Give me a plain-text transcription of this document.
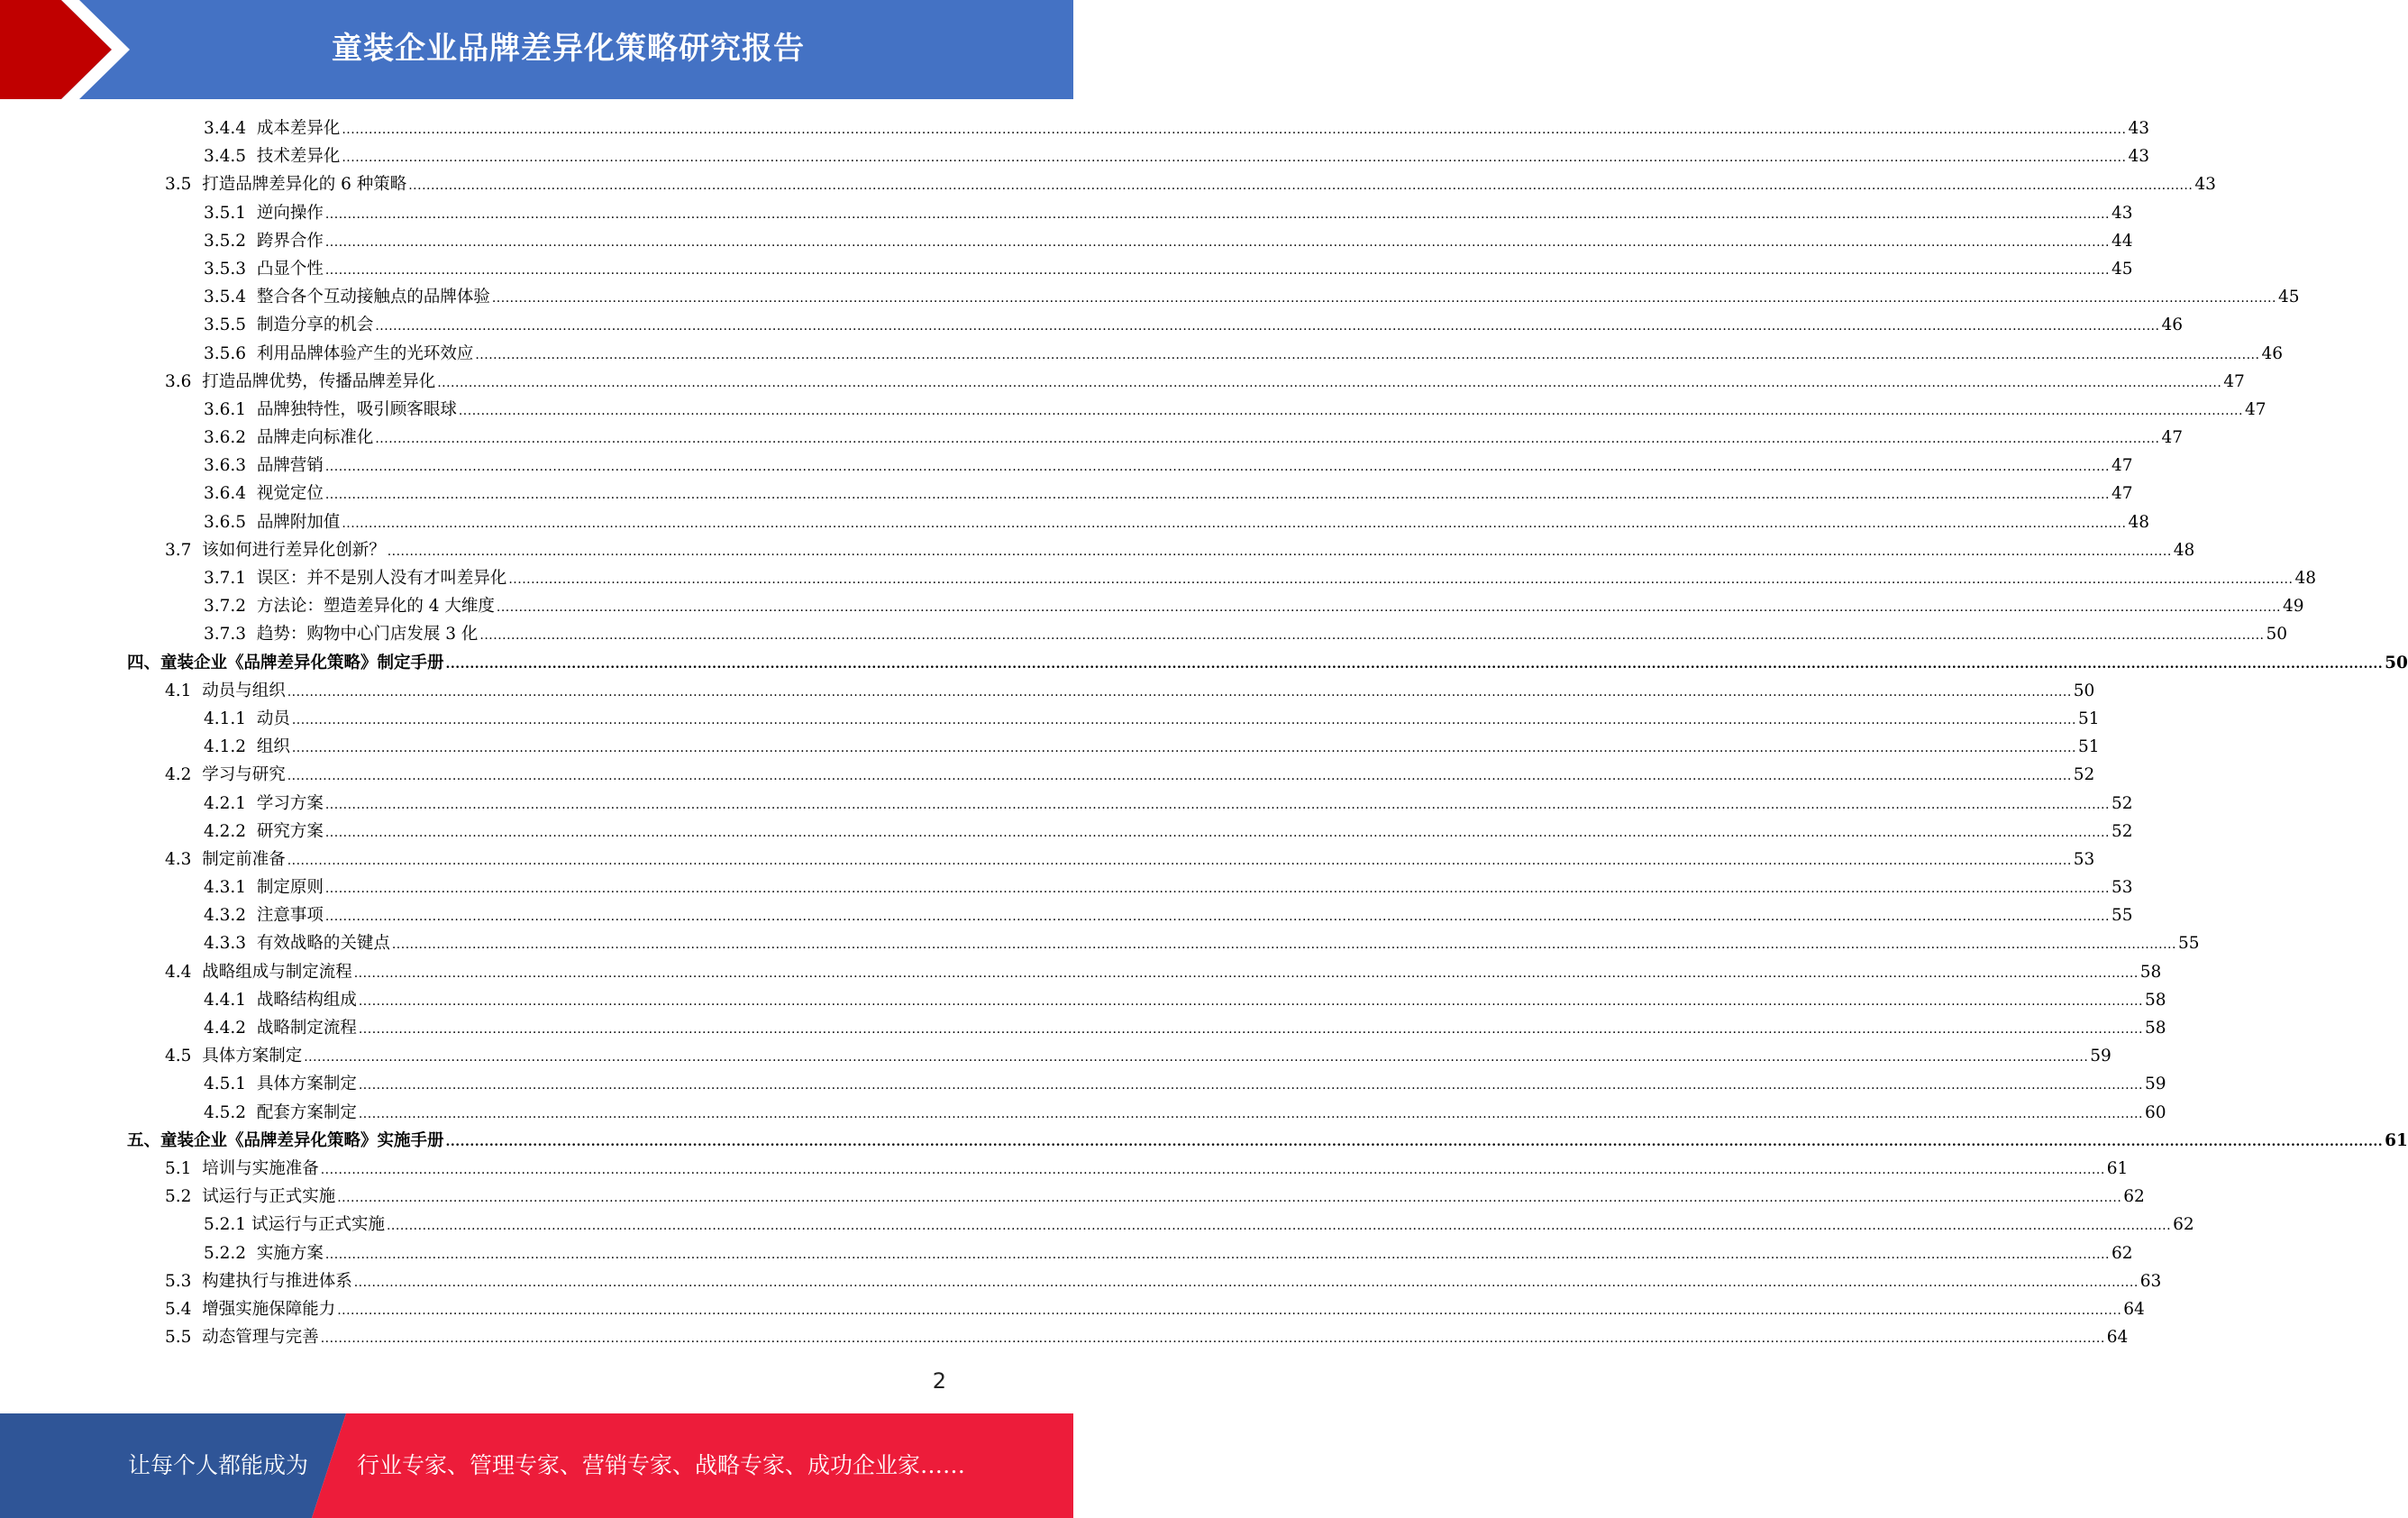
童装企业品牌差异化策略研究报告
3.4.4
成本差异化 ................................................................................................................................................................................................................................................................................................................................................................................................................ 43
3.4.5
技术差异化 ................................................................................................................................................................................................................................................................................................................................................................................................................ 43
3.5
打造品牌差异化的 6 种策略 ................................................................................................................................................................................................................................................................................................................................................................................................................ 43
3.5.1
逆向操作 ................................................................................................................................................................................................................................................................................................................................................................................................................ 43
3.5.2
跨界合作 ................................................................................................................................................................................................................................................................................................................................................................................................................ 44
3.5.3
凸显个性 ................................................................................................................................................................................................................................................................................................................................................................................................................ 45
3.5.4
整合各个互动接触点的品牌体验 ................................................................................................................................................................................................................................................................................................................................................................................................................ 45
3.5.5
制造分享的机会 ................................................................................................................................................................................................................................................................................................................................................................................................................ 46
3.5.6
利用品牌体验产生的光环效应 ................................................................................................................................................................................................................................................................................................................................................................................................................ 46
3.6
打造品牌优势，传播品牌差异化 ................................................................................................................................................................................................................................................................................................................................................................................................................ 47
3.6.1
品牌独特性，吸引顾客眼球 ................................................................................................................................................................................................................................................................................................................................................................................................................ 47
3.6.2
品牌走向标准化 ................................................................................................................................................................................................................................................................................................................................................................................................................ 47
3.6.3
品牌营销 ................................................................................................................................................................................................................................................................................................................................................................................................................ 47
3.6.4
视觉定位 ................................................................................................................................................................................................................................................................................................................................................................................................................ 47
3.6.5
品牌附加值 ................................................................................................................................................................................................................................................................................................................................................................................................................ 48
3.7
该如何进行差异化创新？ ................................................................................................................................................................................................................................................................................................................................................................................................................ 48
3.7.1
误区：并不是别人没有才叫差异化 ................................................................................................................................................................................................................................................................................................................................................................................................................ 48
3.7.2
方法论：塑造差异化的 4 大维度 ................................................................................................................................................................................................................................................................................................................................................................................................................ 49
3.7.3
趋势：购物中心门店发展 3 化 ................................................................................................................................................................................................................................................................................................................................................................................................................ 50
四、童装企业《品牌差异化策略》制定手册 ................................................................................................................................................................................................................................................................................................................................................................................................................ 50
4.1
动员与组织 ................................................................................................................................................................................................................................................................................................................................................................................................................ 50
4.1.1
动员 ................................................................................................................................................................................................................................................................................................................................................................................................................ 51
4.1.2
组织 ................................................................................................................................................................................................................................................................................................................................................................................................................ 51
4.2
学习与研究 ................................................................................................................................................................................................................................................................................................................................................................................................................ 52
4.2.1
学习方案 ................................................................................................................................................................................................................................................................................................................................................................................................................ 52
4.2.2
研究方案 ................................................................................................................................................................................................................................................................................................................................................................................................................ 52
4.3
制定前准备 ................................................................................................................................................................................................................................................................................................................................................................................................................ 53
4.3.1
制定原则 ................................................................................................................................................................................................................................................................................................................................................................................................................ 53
4.3.2
注意事项 ................................................................................................................................................................................................................................................................................................................................................................................................................ 55
4.3.3
有效战略的关键点 ................................................................................................................................................................................................................................................................................................................................................................................................................ 55
4.4
战略组成与制定流程 ................................................................................................................................................................................................................................................................................................................................................................................................................ 58
4.4.1
战略结构组成 ................................................................................................................................................................................................................................................................................................................................................................................................................ 58
4.4.2
战略制定流程 ................................................................................................................................................................................................................................................................................................................................................................................................................ 58
4.5
具体方案制定 ................................................................................................................................................................................................................................................................................................................................................................................................................ 59
4.5.1
具体方案制定 ................................................................................................................................................................................................................................................................................................................................................................................................................ 59
4.5.2
配套方案制定 ................................................................................................................................................................................................................................................................................................................................................................................................................ 60
五、童装企业《品牌差异化策略》实施手册 ................................................................................................................................................................................................................................................................................................................................................................................................................ 61
5.1
培训与实施准备 ................................................................................................................................................................................................................................................................................................................................................................................................................ 61
5.2
试运行与正式实施 ................................................................................................................................................................................................................................................................................................................................................................................................................ 62
5.2.1
试运行与正式实施 ................................................................................................................................................................................................................................................................................................................................................................................................................ 62
5.2.2
实施方案 ................................................................................................................................................................................................................................................................................................................................................................................................................ 62
5.3
构建执行与推进体系 ................................................................................................................................................................................................................................................................................................................................................................................................................ 63
5.4
增强实施保障能力 ................................................................................................................................................................................................................................................................................................................................................................................................................ 64
5.5
动态管理与完善 ................................................................................................................................................................................................................................................................................................................................................................................................................ 64
2
让每个人都能成为 行业专家、管理专家、营销专家、战略专家、成功企业家……
